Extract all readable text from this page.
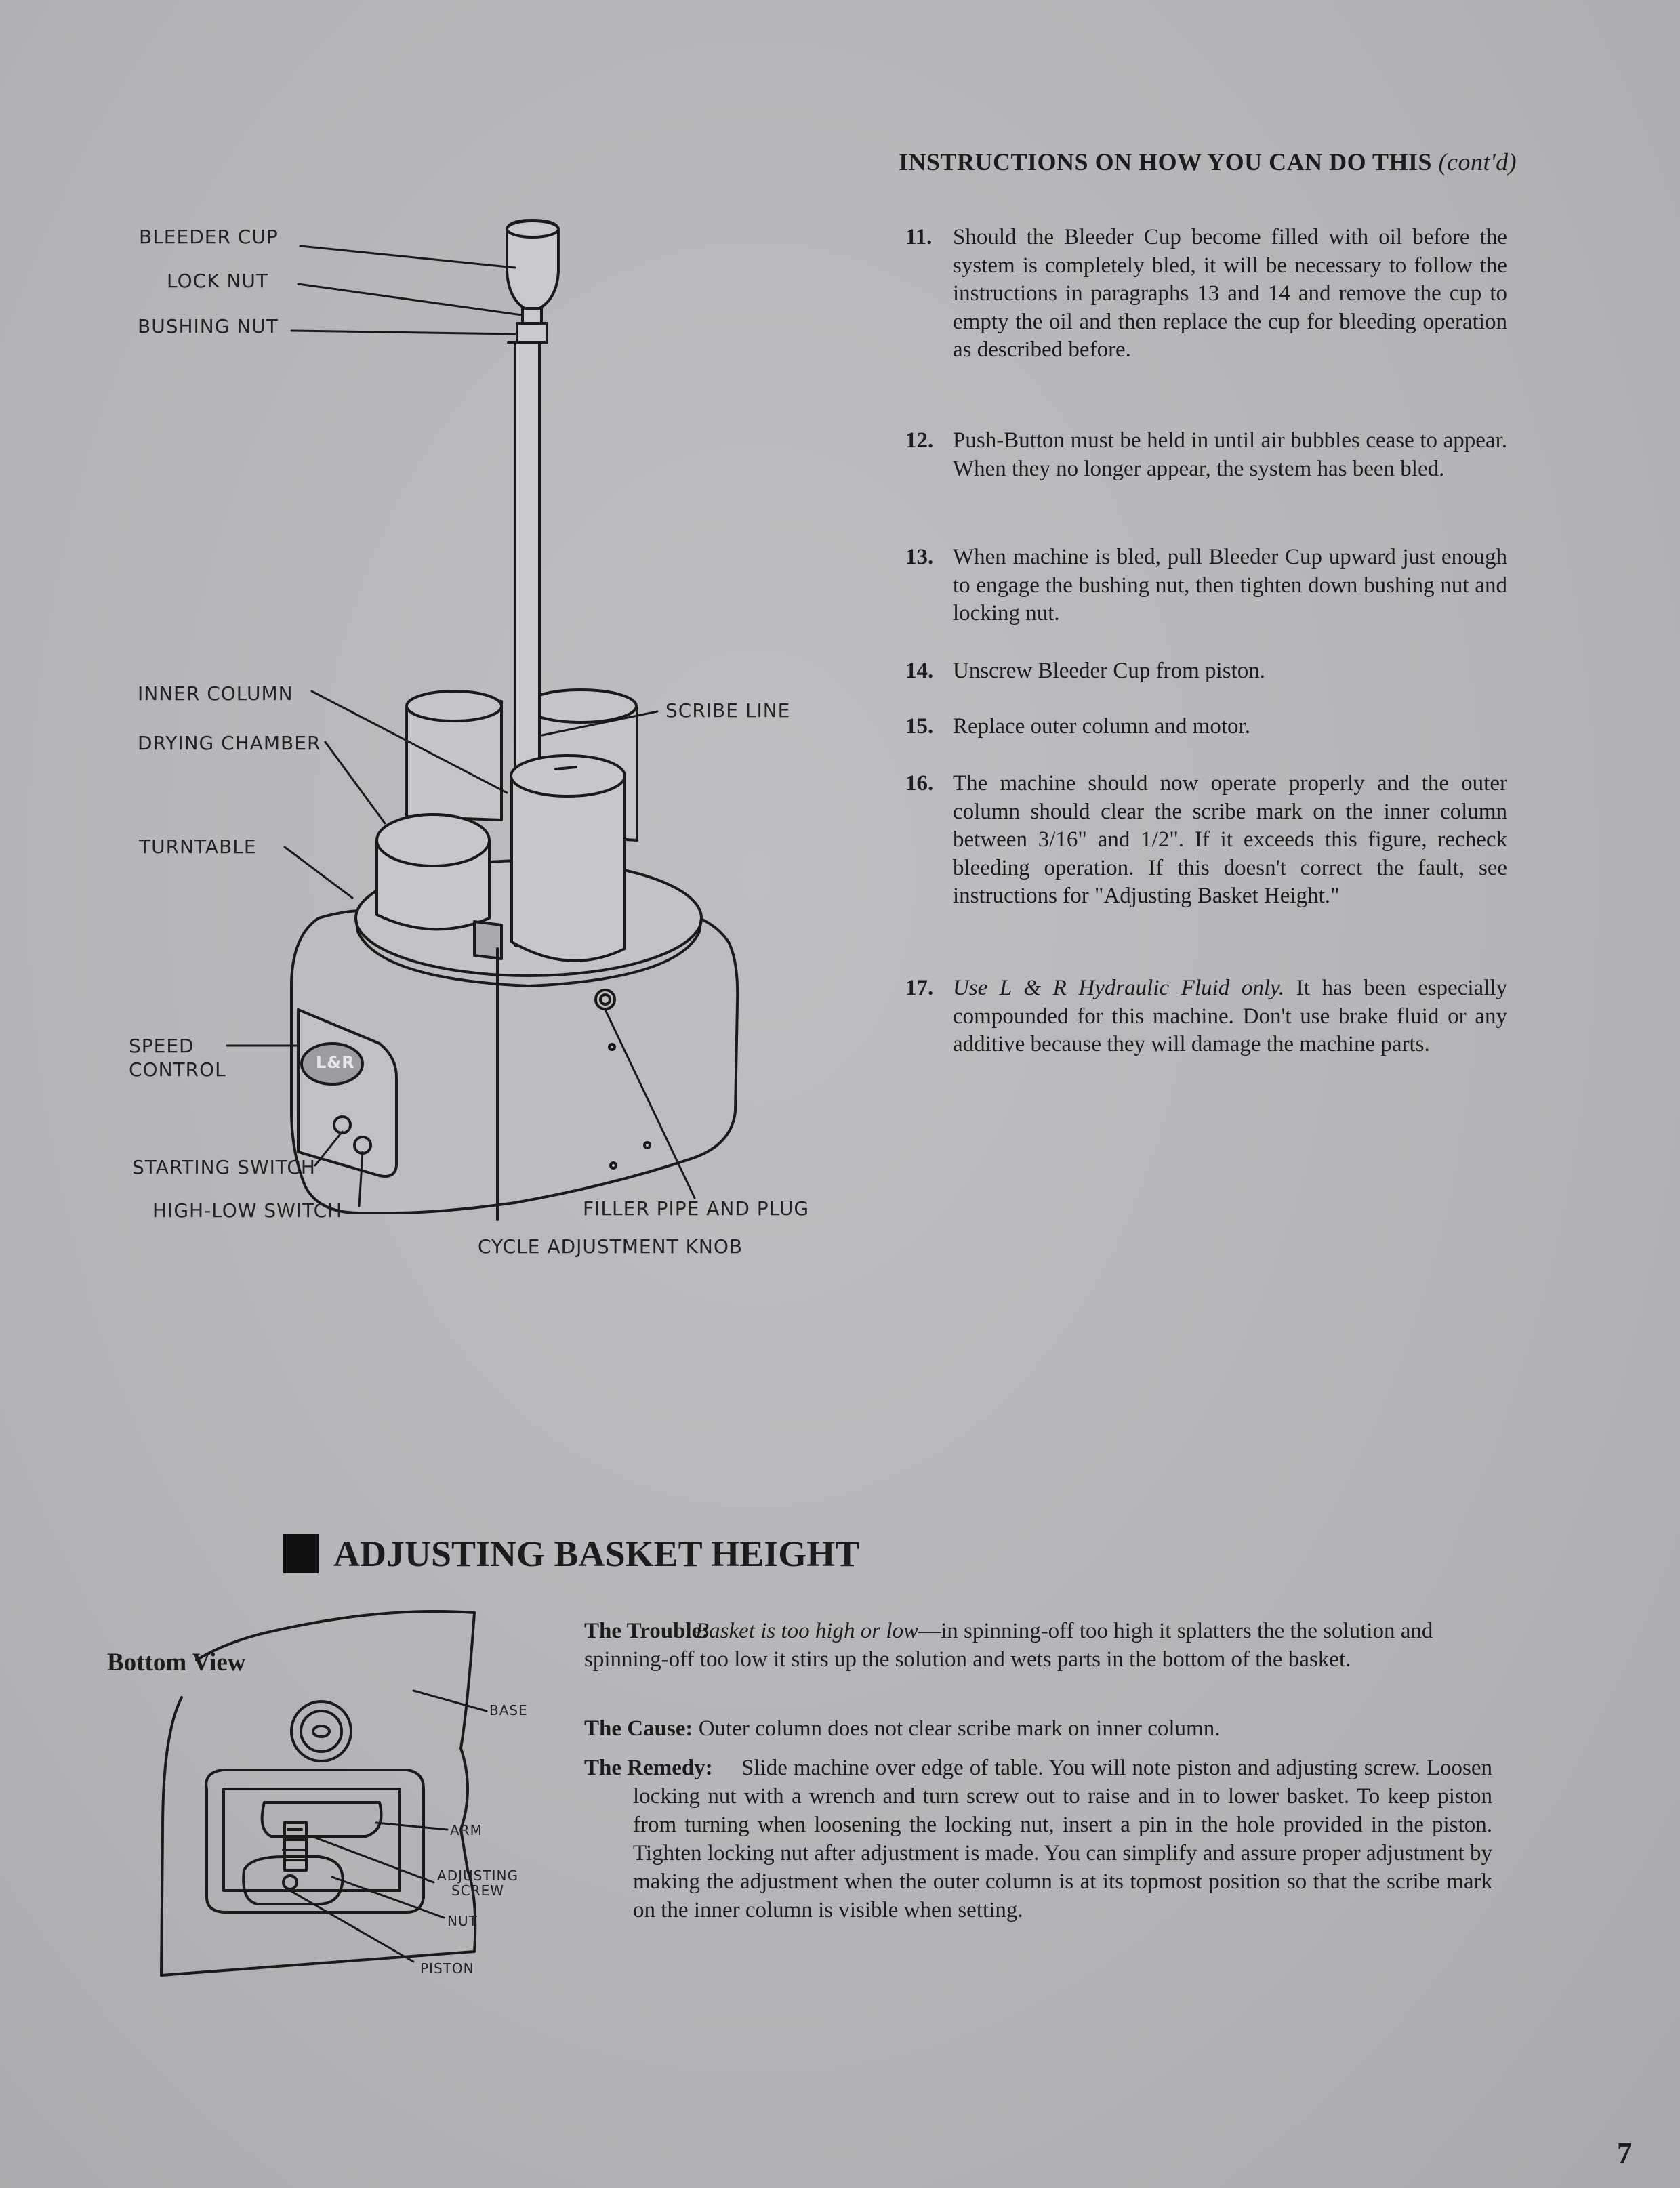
INSTRUCTIONS ON HOW YOU CAN DO THIS (cont'd)
11. Should the Bleeder Cup become filled with oil before the system is completely bled, it will be necessary to follow the instructions in paragraphs 13 and 14 and remove the cup to empty the oil and then replace the cup for bleeding operation as described before.
12. Push-Button must be held in until air bubbles cease to appear. When they no longer appear, the system has been bled.
13. When machine is bled, pull Bleeder Cup upward just enough to engage the bushing nut, then tighten down bushing nut and locking nut.
14. Unscrew Bleeder Cup from piston.
15. Replace outer column and motor.
16. The machine should now operate properly and the outer column should clear the scribe mark on the inner column between 3/16" and 1/2". If it exceeds this figure, recheck bleeding operation. If this doesn't correct the fault, see instructions for "Adjusting Basket Height."
17. Use L & R Hydraulic Fluid only. It has been especially compounded for this machine. Don't use brake fluid or any additive because they will damage the machine parts.
BLEEDER CUP
LOCK NUT
BUSHING NUT
INNER COLUMN
DRYING CHAMBER
TURNTABLE
SCRIBE LINE
SPEED
CONTROL
STARTING SWITCH
HIGH-LOW SWITCH	FILLER PIPE AND PLUG
CYCLE ADJUSTMENT KNOB
L&R
ADJUSTING BASKET HEIGHT
Bottom View
BASE
ARM
ADJUSTING
SCREW
NUT
PISTON
The Trouble:
Basket is too high or low—in spinning-off too high it splatters the the solution and spinning-off too low it stirs up the solution and wets parts in the bottom of the basket.
The Cause: Outer column does not clear scribe mark on inner column.
The Remedy:	Slide machine over edge of table. You will note piston and adjusting screw. Loosen locking nut with a wrench and turn screw out to raise and in to lower basket. To keep piston from turning when loosening the locking nut, insert a pin in the hole provided in the piston. Tighten locking nut after adjustment is made. You can simplify and assure proper adjustment by making the adjustment when the outer column is at its topmost position so that the scribe mark on the inner column is visible when setting.
7
